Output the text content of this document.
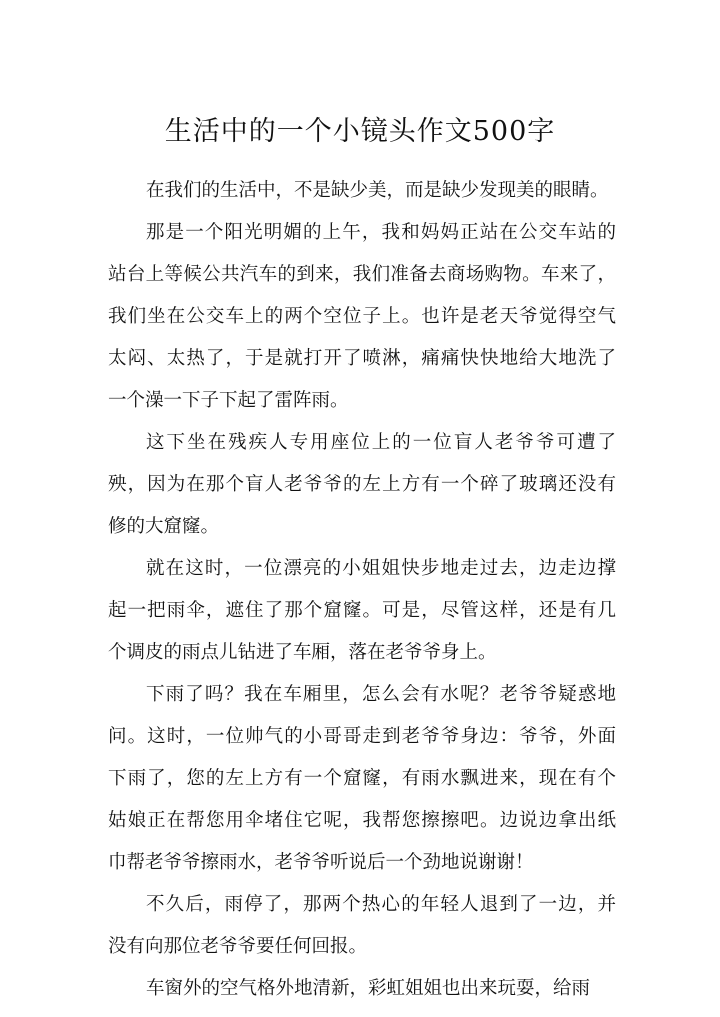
生活中的一个小镜头作文500字
在我们的生活中，不是缺少美，而是缺少发现美的眼睛。
那是一个阳光明媚的上午，我和妈妈正站在公交车站的
站台上等候公共汽车的到来，我们准备去商场购物。车来了，
我们坐在公交车上的两个空位子上。也许是老天爷觉得空气
太闷、太热了，于是就打开了喷淋，痛痛快快地给大地洗了
一个澡一下子下起了雷阵雨。
这下坐在残疾人专用座位上的一位盲人老爷爷可遭了
殃，因为在那个盲人老爷爷的左上方有一个碎了玻璃还没有
修的大窟窿。
就在这时，一位漂亮的小姐姐快步地走过去，边走边撑
起一把雨伞，遮住了那个窟窿。可是，尽管这样，还是有几
个调皮的雨点儿钻进了车厢，落在老爷爷身上。
下雨了吗？我在车厢里，怎么会有水呢？老爷爷疑惑地
问。这时，一位帅气的小哥哥走到老爷爷身边：爷爷，外面
下雨了，您的左上方有一个窟窿，有雨水飘进来，现在有个
姑娘正在帮您用伞堵住它呢，我帮您擦擦吧。边说边拿出纸
巾帮老爷爷擦雨水，老爷爷听说后一个劲地说谢谢！
不久后，雨停了，那两个热心的年轻人退到了一边，并
没有向那位老爷爷要任何回报。
车窗外的空气格外地清新，彩虹姐姐也出来玩耍，给雨
